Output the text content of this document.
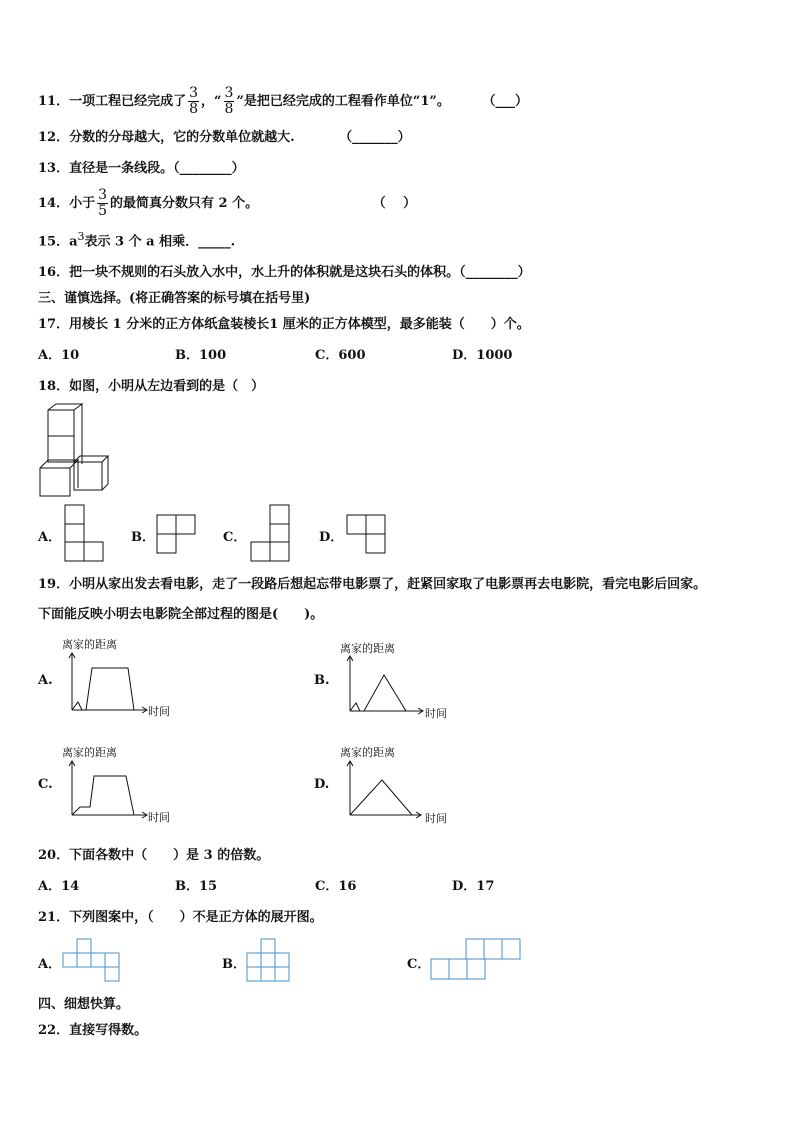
11．一项工程已经完成了 $\frac{3}{8}$ ，“ $\frac{3}{8}$ ”是把已经完成的工程看作单位“1”。	（___）
12．分数的分母越大，它的分数单位就越大.	（_______）
13．直径是一条线段。（________）
14．小于 $\frac{3}{5}$ 的最简真分数只有 2 个。	（　 ）
15．$a^3$表示 3 个 a 相乘．_____.
16．把一块不规则的石头放入水中，水上升的体积就是这块石头的体积。（________）
三、谨慎选择。(将正确答案的标号填在括号里)
17．用棱长 1 分米的正方体纸盒装棱长1 厘米的正方体模型，最多能装（　　）个。
A．10	B．100	C．600	D．1000
18．如图，小明从左边看到的是（　）
A．	B．	C．	D．
19．小明从家出发去看电影，走了一段路后想起忘带电影票了，赶紧回家取了电影票再去电影院，看完电影后回家。
下面能反映小明去电影院全部过程的图是(　　)。
A.
离家的距离
时间
B.
离家的距离
时间
C.
离家的距离
时间
D.
离家的距离
时间
20．下面各数中（　　）是 3 的倍数。
A．14	B．15	C．16	D．17
21．下列图案中，（　　）不是正方体的展开图。
A．	B．	C．
四、细想快算。
22．直接写得数。
